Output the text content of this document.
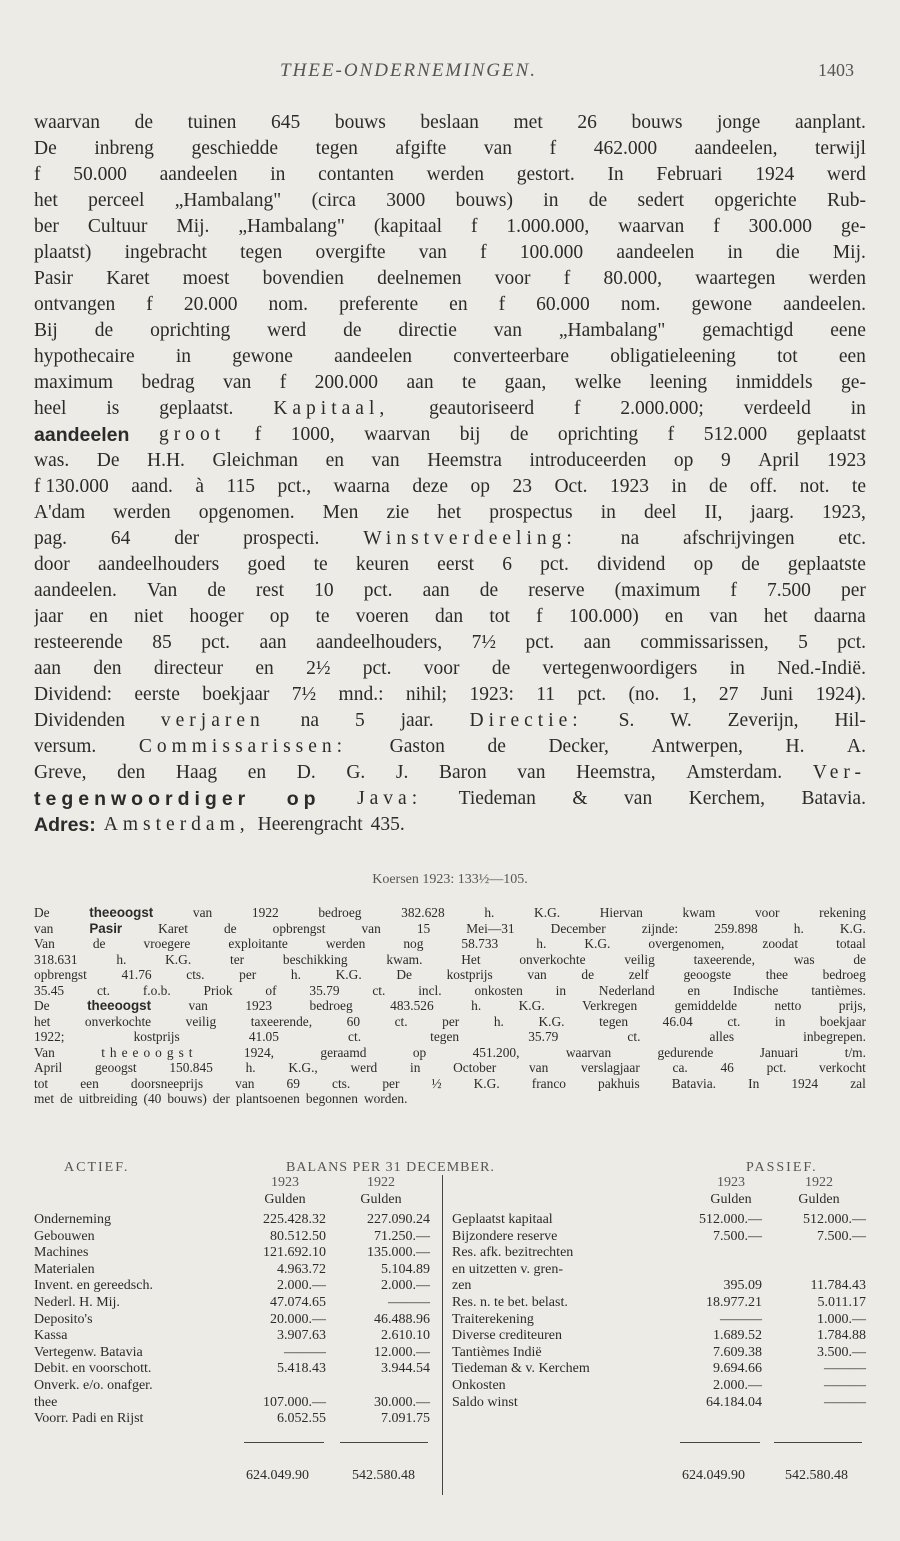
THEE-ONDERNEMINGEN.	1403
waarvan de tuinen 645 bouws beslaan met 26 bouws jonge aanplant.
De inbreng geschiedde tegen afgifte van f 462.000 aandeelen, terwijl
f 50.000 aandeelen in contanten werden gestort. In Februari 1924 werd
het perceel „Hambalang" (circa 3000 bouws) in de sedert opgerichte Rub-
ber Cultuur Mij. „Hambalang" (kapitaal f 1.000.000, waarvan f 300.000 ge-
plaatst) ingebracht tegen overgifte van f 100.000 aandeelen in die Mij.
Pasir Karet moest bovendien deelnemen voor f 80.000, waartegen werden
ontvangen f 20.000 nom. preferente en f 60.000 nom. gewone aandeelen.
Bij de oprichting werd de directie van „Hambalang" gemachtigd eene
hypothecaire in gewone aandeelen converteerbare obligatieleening tot een
maximum bedrag van f 200.000 aan te gaan, welke leening inmiddels ge-
heel is geplaatst. Kapitaal, geautoriseerd f 2.000.000; verdeeld in
aandeelen groot f 1000, waarvan bij de oprichting f 512.000 geplaatst
was. De H.H. Gleichman en van Heemstra introduceerden op 9 April 1923
f 130.000 aand. à 115 pct., waarna deze op 23 Oct. 1923 in de off. not. te
A'dam werden opgenomen. Men zie het prospectus in deel II, jaarg. 1923,
pag. 64 der prospecti. Winstverdeeling: na afschrijvingen etc.
door aandeelhouders goed te keuren eerst 6 pct. dividend op de geplaatste
aandeelen. Van de rest 10 pct. aan de reserve (maximum f 7.500 per
jaar en niet hooger op te voeren dan tot f 100.000) en van het daarna
resteerende 85 pct. aan aandeelhouders, 7½ pct. aan commissarissen, 5 pct.
aan den directeur en 2½ pct. voor de vertegenwoordigers in Ned.-Indië.
Dividend: eerste boekjaar 7½ mnd.: nihil; 1923: 11 pct. (no. 1, 27 Juni 1924).
Dividenden verjaren na 5 jaar. Directie: S. W. Zeverijn, Hil-
versum. Commissarissen: Gaston de Decker, Antwerpen, H. A.
Greve, den Haag en D. G. J. Baron van Heemstra, Amsterdam. Ver-
tegenwoordiger op Java: Tiedeman & van Kerchem, Batavia.
Adres: Amsterdam, Heerengracht 435.
Koersen 1923: 133½—105.
De	theeoogst	van	1922	bedroeg	382.628	h.	K.G.	Hiervan	kwam	voor	rekening
van	Pasir	Karet	de	opbrengst	van	15	Mei—31	December	zijnde:	259.898	h.	K.G.
Van	de	vroegere	exploitante	werden	nog	58.733	h.	K.G.	overgenomen,	zoodat	totaal
318.631	h.	K.G.	ter	beschikking	kwam.	Het	onverkochte	veilig	taxeerende,	was	de
opbrengst	41.76	cts.	per	h.	K.G.	De	kostprijs	van	de	zelf	geoogste	thee	bedroeg
35.45 ct. f.o.b. Priok of 35.79 ct. incl. onkosten in Nederland en Indische tantièmes.
De	theeoogst	van	1923	bedroeg	483.526	h.	K.G.	Verkregen	gemiddelde	netto	prijs,
het	onverkochte	veilig	taxeerende,	60	ct.	per	h.	K.G.	tegen	46.04	ct.	in	boekjaar
1922;	kostprijs	41.05	ct.	tegen	35.79	ct.	alles	inbegrepen.
Van	theeoogst	1924,	geraamd	op	451.200,	waarvan	gedurende	Januari	t/m.
April geoogst 150.845 h. K.G., werd in October van verslagjaar ca. 46 pct. verkocht
tot een doorsneeprijs van 69 cts. per ½ K.G. franco pakhuis Batavia. In 1924 zal
met de uitbreiding (40 bouws) der plantsoenen begonnen worden.
ACTIEF.	BALANS PER 31 DECEMBER.	PASSIEF.
1923	1922	1923	1922
Gulden	Gulden	Gulden	Gulden
Onderneming	225.428.32	227.090.24
Gebouwen	80.512.50	71.250.—
Machines	121.692.10	135.000.—
Materialen	4.963.72	5.104.89
Invent. en gereedsch.	2.000.—	2.000.—
Nederl. H. Mij.	47.074.65	———
Deposito's	20.000.—	46.488.96
Kassa	3.907.63	2.610.10
Vertegenw. Batavia	———	12.000.—
Debit. en voorschott.	5.418.43	3.944.54
Onverk. e/o. onafger.
thee	107.000.—	30.000.—
Voorr. Padi en Rijst	6.052.55	7.091.75
Geplaatst kapitaal	512.000.—	512.000.—
Bijzondere reserve	7.500.—	7.500.—
Res. afk. bezitrechten
en uitzetten v. gren-
zen	395.09	11.784.43
Res. n. te bet. belast.	18.977.21	5.011.17
Traiterekening	———	1.000.—
Diverse crediteuren	1.689.52	1.784.88
Tantièmes Indië	7.609.38	3.500.—
Tiedeman & v. Kerchem	9.694.66	———
Onkosten	2.000.—	———
Saldo winst	64.184.04	———
624.049.90	542.580.48	624.049.90	542.580.48
